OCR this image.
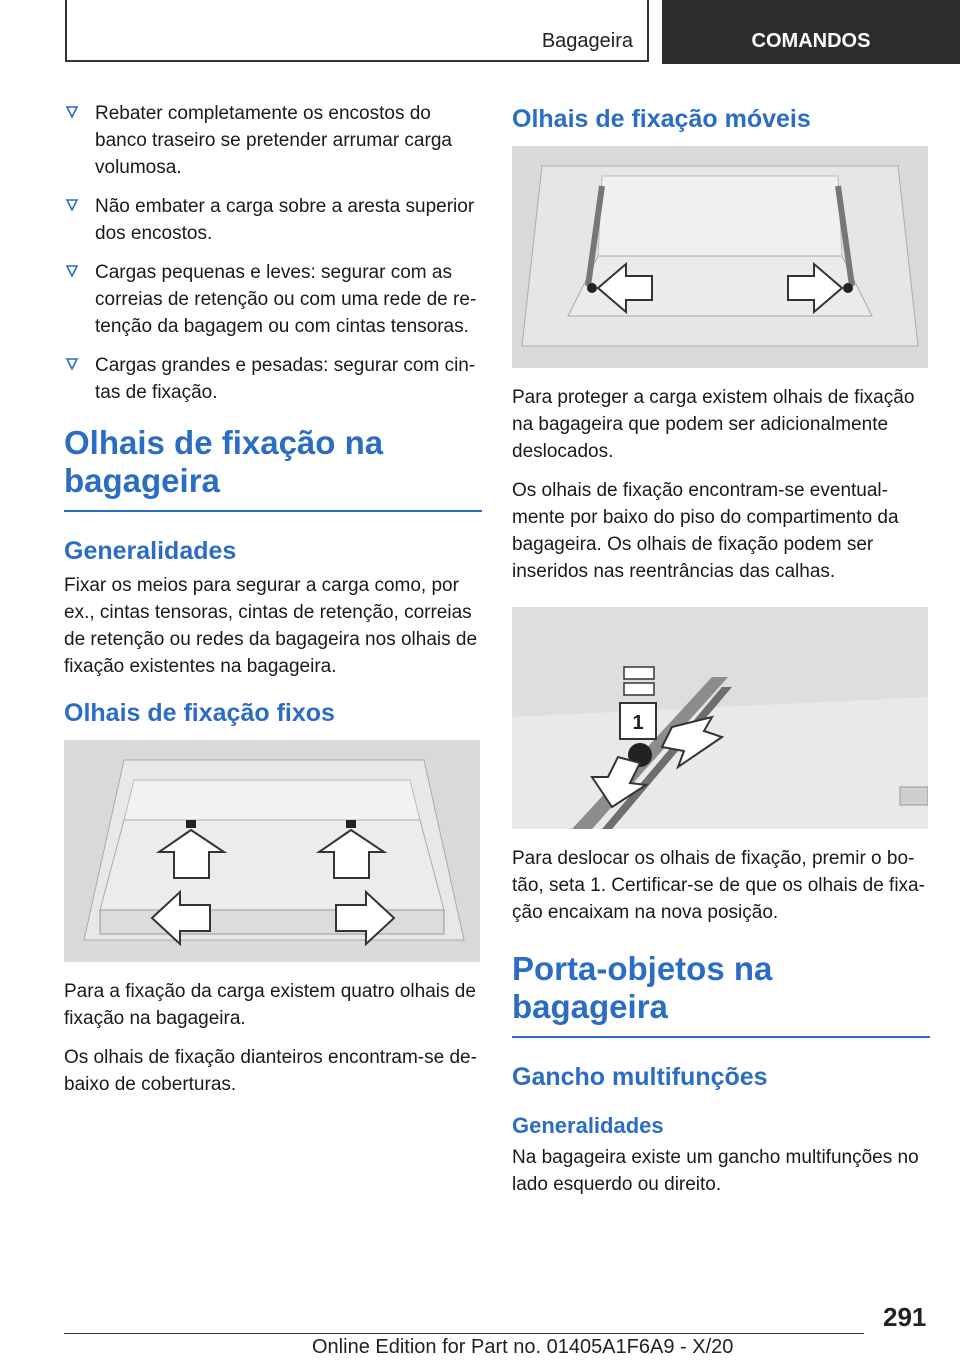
Bagageira	COMANDOS
Rebater completamente os encostos do banco traseiro se pretender arrumar carga volumosa.
Não embater a carga sobre a aresta superior dos encostos.
Cargas pequenas e leves: segurar com as correias de retenção ou com uma rede de retenção da bagagem ou com cintas tensoras.
Cargas grandes e pesadas: segurar com cintas de fixação.
Olhais de fixação na bagageira
Generalidades

Fixar os meios para segurar a carga como, por ex., cintas tensoras, cintas de retenção, correias de retenção ou redes da bagageira nos olhais de fixação existentes na bagageira.

Olhais de fixação fixos

Para a fixação da carga existem quatro olhais de fixação na bagageira.

Os olhais de fixação dianteiros encontram-se debaixo de coberturas.

Olhais de fixação móveis

Para proteger a carga existem olhais de fixação na bagageira que podem ser adicionalmente deslocados.

Os olhais de fixação encontram-se eventualmente por baixo do piso do compartimento da bagageira. Os olhais de fixação podem ser inseridos nas reentrâncias das calhas.

1

Para deslocar os olhais de fixação, premir o botão, seta 1. Certificar-se de que os olhais de fixação encaixam na nova posição.

Porta-objetos na bagageira
Gancho multifunções
Generalidades

Na bagageira existe um gancho multifunções no lado esquerdo ou direito.

291
Online Edition for Part no. 01405A1F6A9 - X/20
